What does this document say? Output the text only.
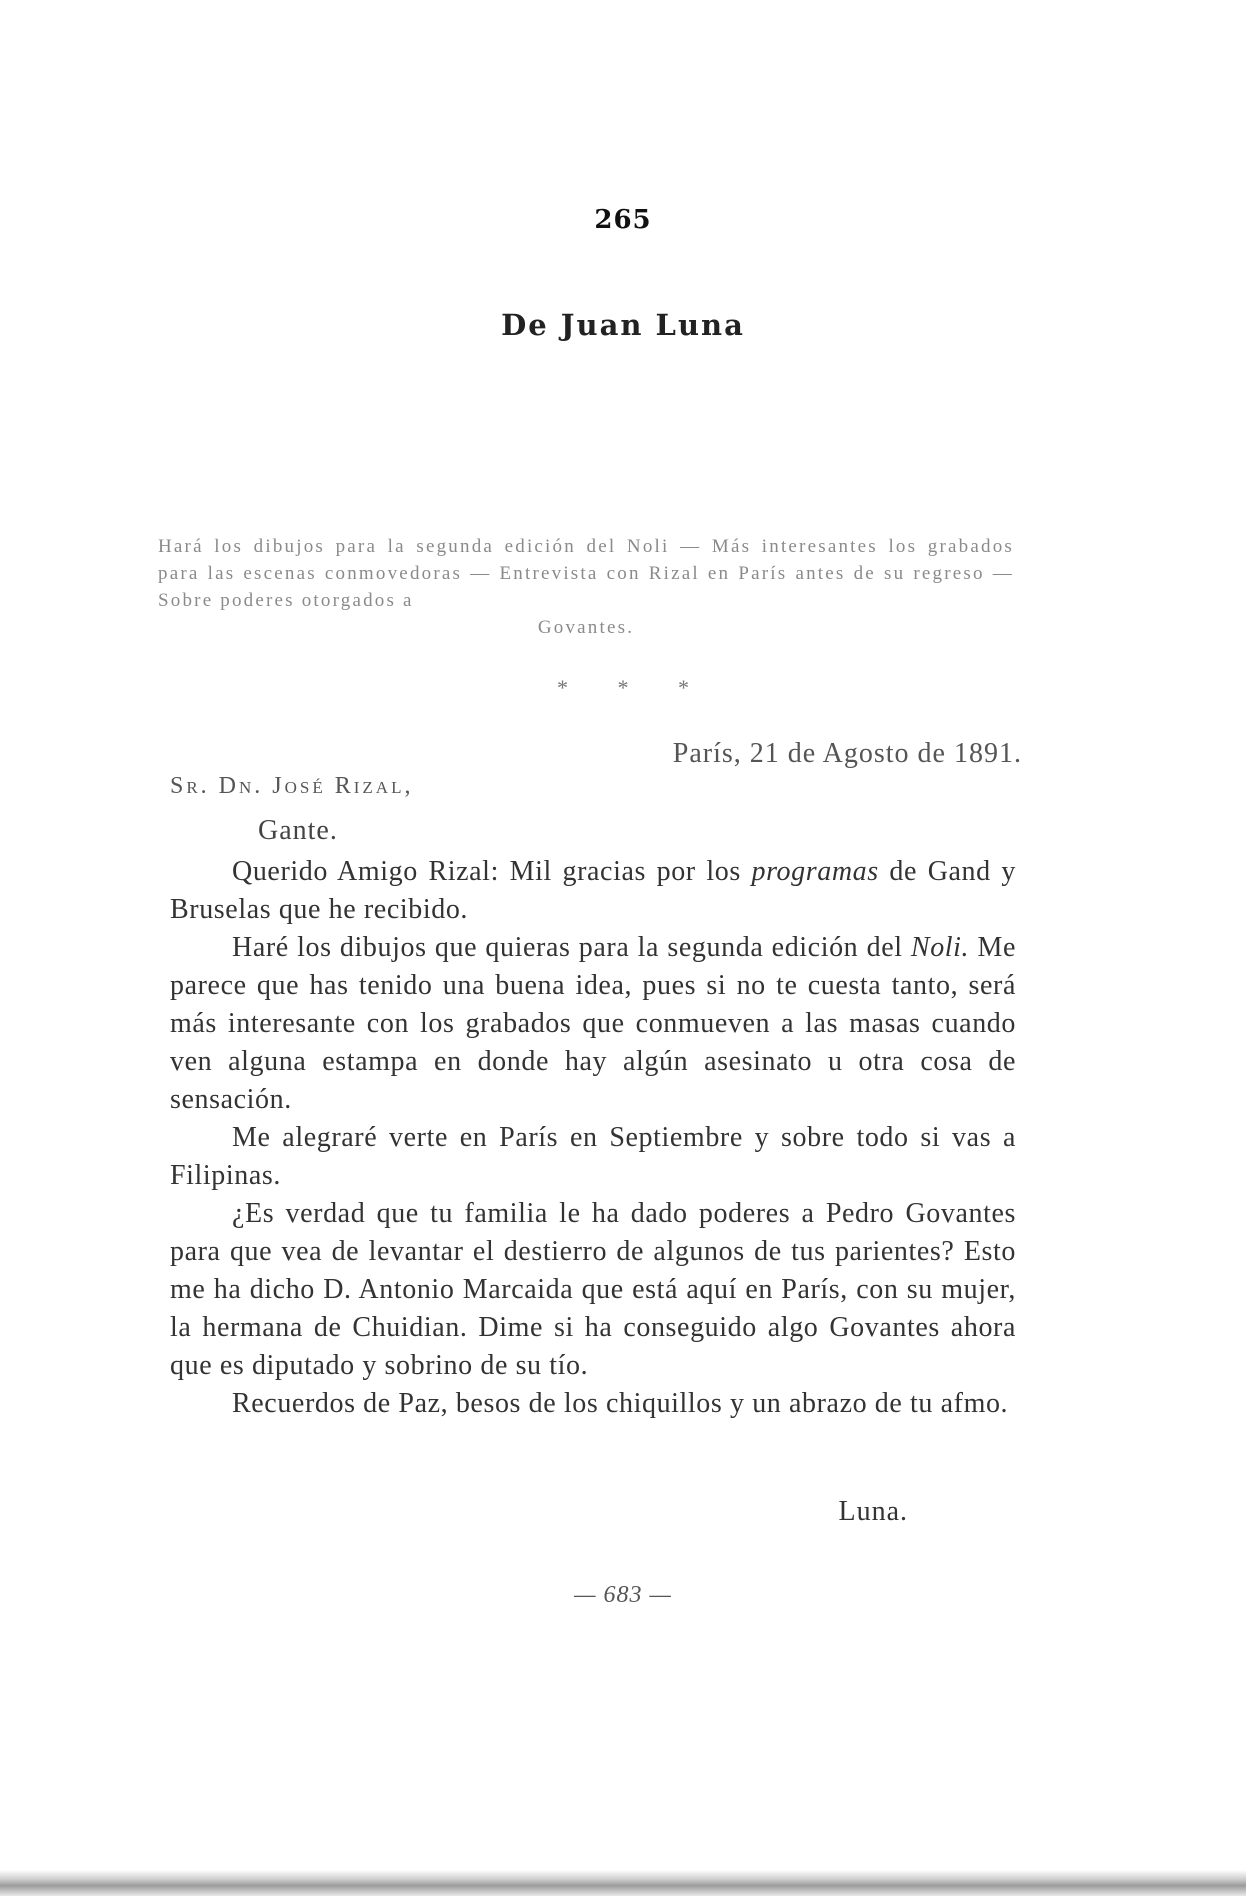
265
De Juan Luna
Hará los dibujos para la segunda edición del Noli — Más interesantes los grabados para las escenas conmovedoras — Entrevista con Rizal en París antes de su regreso — Sobre poderes otorgados a
Govantes.
* * *
París, 21 de Agosto de 1891.
Sr. Dn. José Rizal,
Gante.

Querido Amigo Rizal: Mil gracias por los programas de Gand y Bruselas que he recibido.

Haré los dibujos que quieras para la segunda edición del Noli. Me parece que has tenido una buena idea, pues si no te cuesta tanto, será más interesante con los grabados que conmueven a las masas cuando ven alguna estampa en donde hay algún asesinato u otra cosa de sensación.

Me alegraré verte en París en Septiembre y sobre todo si vas a Filipinas.

¿Es verdad que tu familia le ha dado poderes a Pedro Govantes para que vea de levantar el destierro de algunos de tus parientes? Esto me ha dicho D. Antonio Marcaida que está aquí en París, con su mujer, la hermana de Chuidian. Dime si ha conseguido algo Govantes ahora que es diputado y sobrino de su tío.

Recuerdos de Paz, besos de los chiquillos y un abrazo de tu afmo.

Luna.
— 683 —
